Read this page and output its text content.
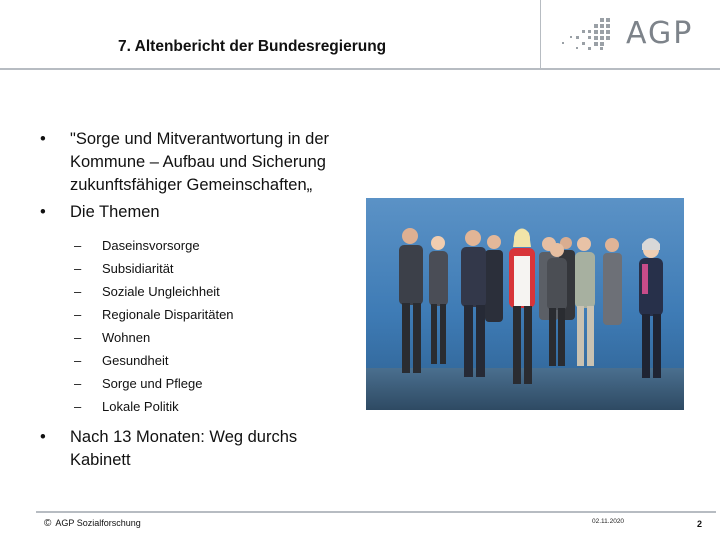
7. Altenbericht der Bundesregierung	AGP
• "Sorge und Mitverantwortung in der Kommune – Aufbau und Sicherung zukunftsfähiger Gemeinschaften„
• Die Themen
– Daseinsvorsorge
– Subsidiarität
– Soziale Ungleichheit
– Regionale Disparitäten
– Wohnen
– Gesundheit
– Sorge und Pflege
– Lokale Politik
• Nach 13 Monaten: Weg durchs Kabinett
© AGP Sozialforschung	02.11.2020	2
